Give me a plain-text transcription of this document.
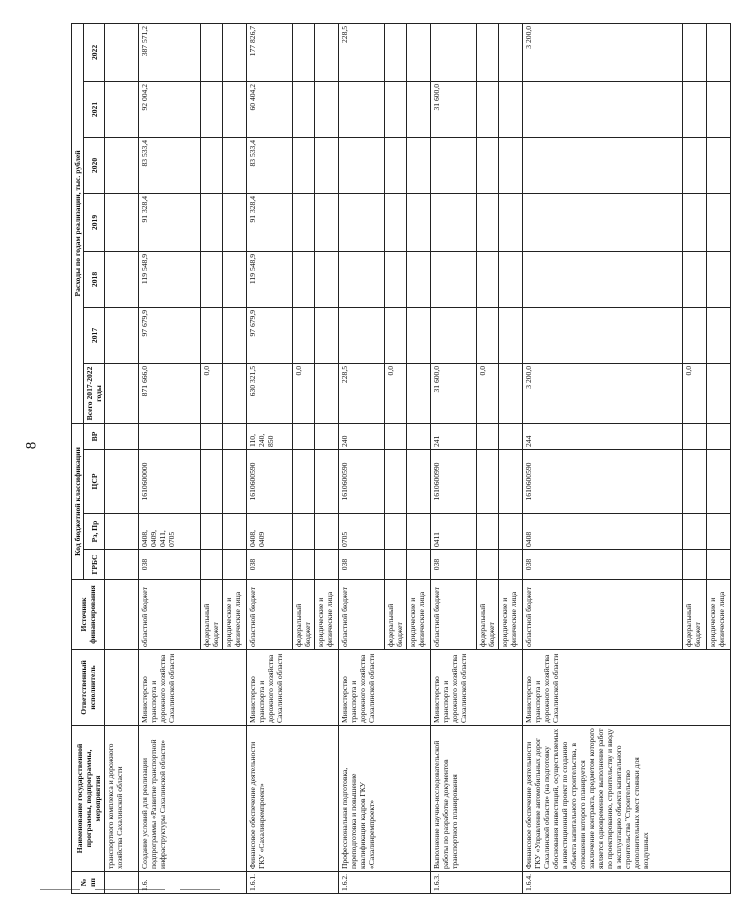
8
№ пп	Наименование государственной программы, подпрограммы, мероприятия	Ответственный исполнитель	Источник финансирования	Код бюджетной классификации				Расходы по годам реализации, тыс. рублей						
				ГРБС	Рз, Пр	ЦСР	ВР	Всего 2017-2022 годы	2017	2018	2019	2020	2021	2022
	транспортного комплекса и дорожного хозяйства Сахалинской области													
1.6.	Создание условий для реализации подпрограммы «Развитие транспортной инфраструктуры Сахалинской области»	Министерство транспорта и дорожного хозяйства Сахалинской области	областной бюджет	038	0408, 0409, 0411, 0705	1610600000		871 666,0	97 679,9	119 548,9	91 328,4	83 533,4	92 004,2	387 571,2
			федеральный бюджет					0,0						
			юридические и физические лица											
1.6.1.	Финансовое обеспечение деятельности ГКУ «Сахалинремпроект»	Министерство транспорта и дорожного хозяйства Сахалинской области	областной бюджет	038	0408, 0409	1610600590	110, 240, 850	630 321,5	97 679,9	119 548,9	91 328,4	83 533,4	60 404,2	177 826,7
			федеральный бюджет					0,0						
			юридические и физические лица											
1.6.2.	Профессиональная подготовка, переподготовка и повышение квалификации кадров ГКУ «Сахалинремпроект»	Министерство транспорта и дорожного хозяйства Сахалинской области	областной бюджет	038	0705	1610600590	240	228,5						228,5
			федеральный бюджет					0,0						
			юридические и физические лица											
1.6.3.	Выполнение научно-исследовательской работы по разработке документов транспортного планирования	Министерство транспорта и дорожного хозяйства Сахалинской области	областной бюджет	038	0411	1610600990	241	31 600,0					31 600,0	
			федеральный бюджет					0,0						
			юридические и физические лица											
1.6.4.	Финансовое обеспечение деятельности ГКУ «Управление автомобильных дорог Сахалинской области» (на подготовку обоснования инвестиций, осуществляемых в инвестиционный проект по созданию объекта капитального строительства, в отношении которого планируется заключение контракта, предметом которого является одновременное выполнение работ по проектированию, строительству и вводу в эксплуатацию объекта капитального строительства "Строительство дополнительных мест стоянки для воздушных	Министерство транспорта и дорожного хозяйства Сахалинской области	областной бюджет	038	0408	1610600590	244	3 200,0						3 200,0
			федеральный бюджет					0,0						
			юридические и физические лица											
